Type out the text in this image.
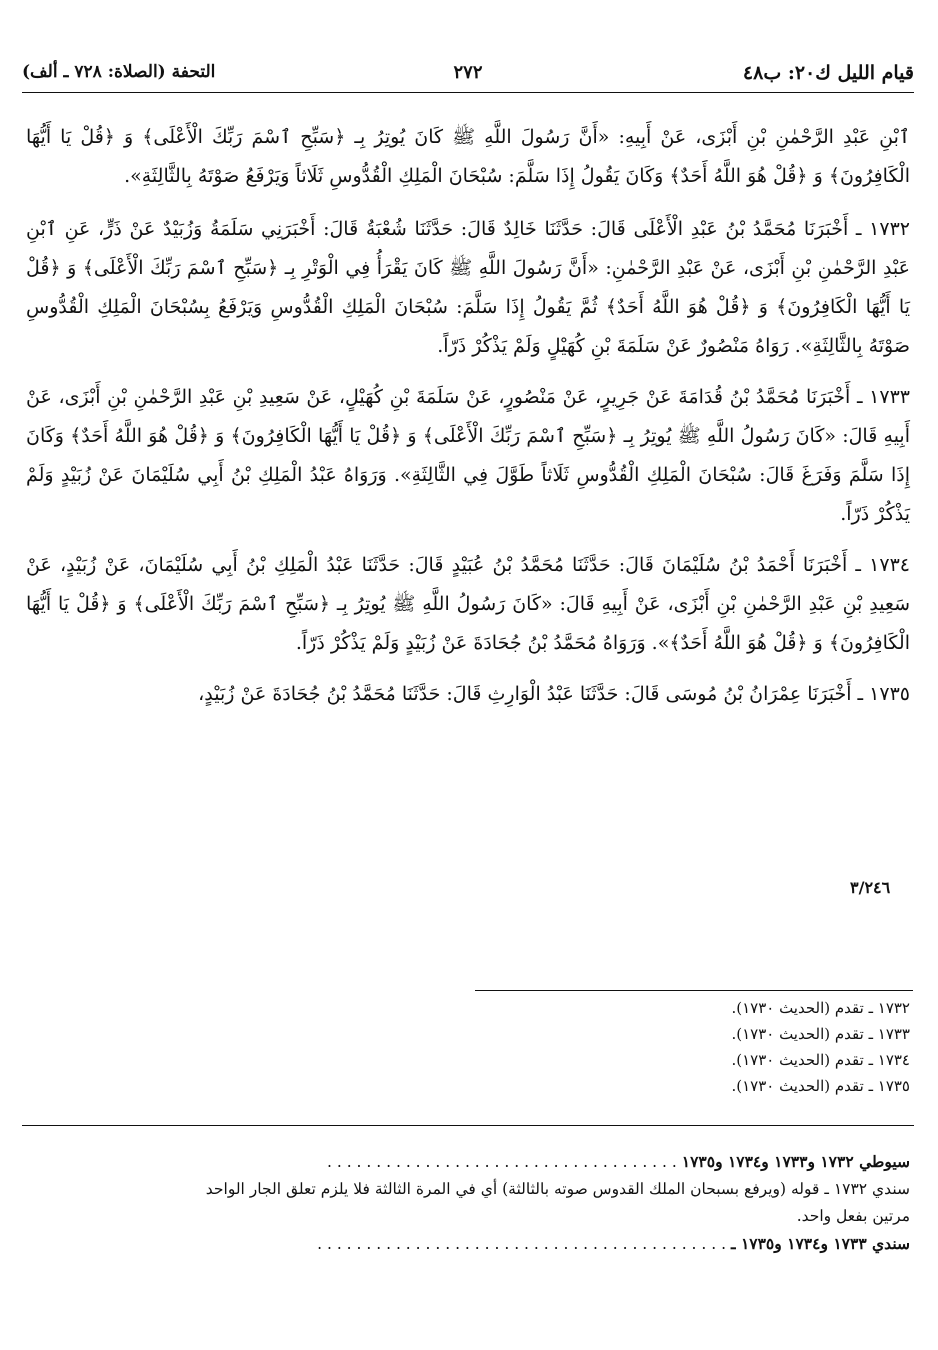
قيام الليل ك٢٠: ب٤٨
٢٧٢
التحفة (الصلاة: ٧٢٨ ـ ألف)

ٱبْنِ عَبْدِ الرَّحْمٰنِ بْنِ أَبْزَى، عَنْ أَبِيهِ: «أَنَّ رَسُولَ اللَّهِ ﷺ كَانَ يُوتِرُ بِـ ﴿سَبِّحِ ٱسْمَ رَبِّكَ الْأَعْلَى﴾ وَ ﴿قُلْ يَا أَيُّهَا الْكَافِرُونَ﴾ وَ ﴿قُلْ هُوَ اللَّهُ أَحَدٌ﴾ وَكَانَ يَقُولُ إِذَا سَلَّمَ: سُبْحَانَ الْمَلِكِ الْقُدُّوسِ ثَلَاثاً وَيَرْفَعُ صَوْتَهُ بِالثَّالِثَةِ».

١٧٣٢ ـ أَخْبَرَنَا مُحَمَّدُ بْنُ عَبْدِ الْأَعْلَى قَالَ: حَدَّثَنَا خَالِدٌ قَالَ: حَدَّثَنَا شُعْبَةُ قَالَ: أَخْبَرَنِي سَلَمَةُ وَزُبَيْدٌ عَنْ ذَرٍّ، عَنِ ٱبْنِ عَبْدِ الرَّحْمٰنِ بْنِ أَبْزَى، عَنْ عَبْدِ الرَّحْمٰنِ: «أَنَّ رَسُولَ اللَّهِ ﷺ كَانَ يَقْرَأُ فِي الْوَتْرِ بِـ ﴿سَبِّحِ ٱسْمَ رَبِّكَ الْأَعْلَى﴾ وَ ﴿قُلْ يَا أَيُّهَا الْكَافِرُونَ﴾ وَ ﴿قُلْ هُوَ اللَّهُ أَحَدٌ﴾ ثُمَّ يَقُولُ إِذَا سَلَّمَ: سُبْحَانَ الْمَلِكِ الْقُدُّوسِ وَيَرْفَعُ بِسُبْحَانَ الْمَلِكِ الْقُدُّوسِ صَوْتَهُ بِالثَّالِثَةِ». رَوَاهُ مَنْصُورٌ عَنْ سَلَمَةَ بْنِ كُهَيْلٍ وَلَمْ يَذْكُرْ ذَرّاً.

١٧٣٣ ـ أَخْبَرَنَا مُحَمَّدُ بْنُ قُدَامَةَ عَنْ جَرِيرٍ، عَنْ مَنْصُورٍ، عَنْ سَلَمَةَ بْنِ كُهَيْلٍ، عَنْ سَعِيدِ بْنِ عَبْدِ الرَّحْمٰنِ بْنِ أَبْزَى، عَنْ أَبِيهِ قَالَ: «كَانَ رَسُولُ اللَّهِ ﷺ يُوتِرُ بِـ ﴿سَبِّحِ ٱسْمَ رَبِّكَ الْأَعْلَى﴾ وَ ﴿قُلْ يَا أَيُّهَا الْكَافِرُونَ﴾ وَ ﴿قُلْ هُوَ اللَّهُ أَحَدٌ﴾ وَكَانَ إِذَا سَلَّمَ وَفَرَغَ قَالَ: سُبْحَانَ الْمَلِكِ الْقُدُّوسِ ثَلَاثاً طَوَّلَ فِي الثَّالِثَةِ». وَرَوَاهُ عَبْدُ الْمَلِكِ بْنُ أَبِي سُلَيْمَانَ عَنْ زُبَيْدٍ وَلَمْ يَذْكُرْ ذَرّاً.

١٧٣٤ ـ أَخْبَرَنَا أَحْمَدُ بْنُ سُلَيْمَانَ قَالَ: حَدَّثَنَا مُحَمَّدُ بْنُ عُبَيْدٍ قَالَ: حَدَّثَنَا عَبْدُ الْمَلِكِ بْنُ أَبِي سُلَيْمَانَ، عَنْ زُبَيْدٍ، عَنْ سَعِيدِ بْنِ عَبْدِ الرَّحْمٰنِ بْنِ أَبْزَى، عَنْ أَبِيهِ قَالَ: «كَانَ رَسُولُ اللَّهِ ﷺ يُوتِرُ بِـ ﴿سَبِّحِ ٱسْمَ رَبِّكَ الْأَعْلَى﴾ وَ ﴿قُلْ يَا أَيُّهَا الْكَافِرُونَ﴾ وَ ﴿قُلْ هُوَ اللَّهُ أَحَدٌ﴾». وَرَوَاهُ مُحَمَّدُ بْنُ جُحَادَةَ عَنْ زُبَيْدٍ وَلَمْ يَذْكُرْ ذَرّاً.

١٧٣٥ ـ أَخْبَرَنَا عِمْرَانُ بْنُ مُوسَى قَالَ: حَدَّثَنَا عَبْدُ الْوَارِثِ قَالَ: حَدَّثَنَا مُحَمَّدُ بْنُ جُحَادَةَ عَنْ زُبَيْدٍ،

٣/٢٤٦
١٧٣٢ ـ تقدم (الحديث ١٧٣٠).
١٧٣٣ ـ تقدم (الحديث ١٧٣٠).
١٧٣٤ ـ تقدم (الحديث ١٧٣٠).
١٧٣٥ ـ تقدم (الحديث ١٧٣٠).
سيوطي ١٧٣٢ و١٧٣٣ و١٧٣٤ و١٧٣٥ . . . . . . . . . . . . . . . . . . . . . . . . . . . . . . . . . . . .
سندي ١٧٣٢ ـ قوله (ويرفع بسبحان الملك القدوس صوته بالثالثة) أي في المرة الثالثة فلا يلزم تعلق الجار الواحد
مرتين بفعل واحد.
سندي ١٧٣٣ و١٧٣٤ و١٧٣٥ ـ . . . . . . . . . . . . . . . . . . . . . . . . . . . . . . . . . . . . . . . . . .
